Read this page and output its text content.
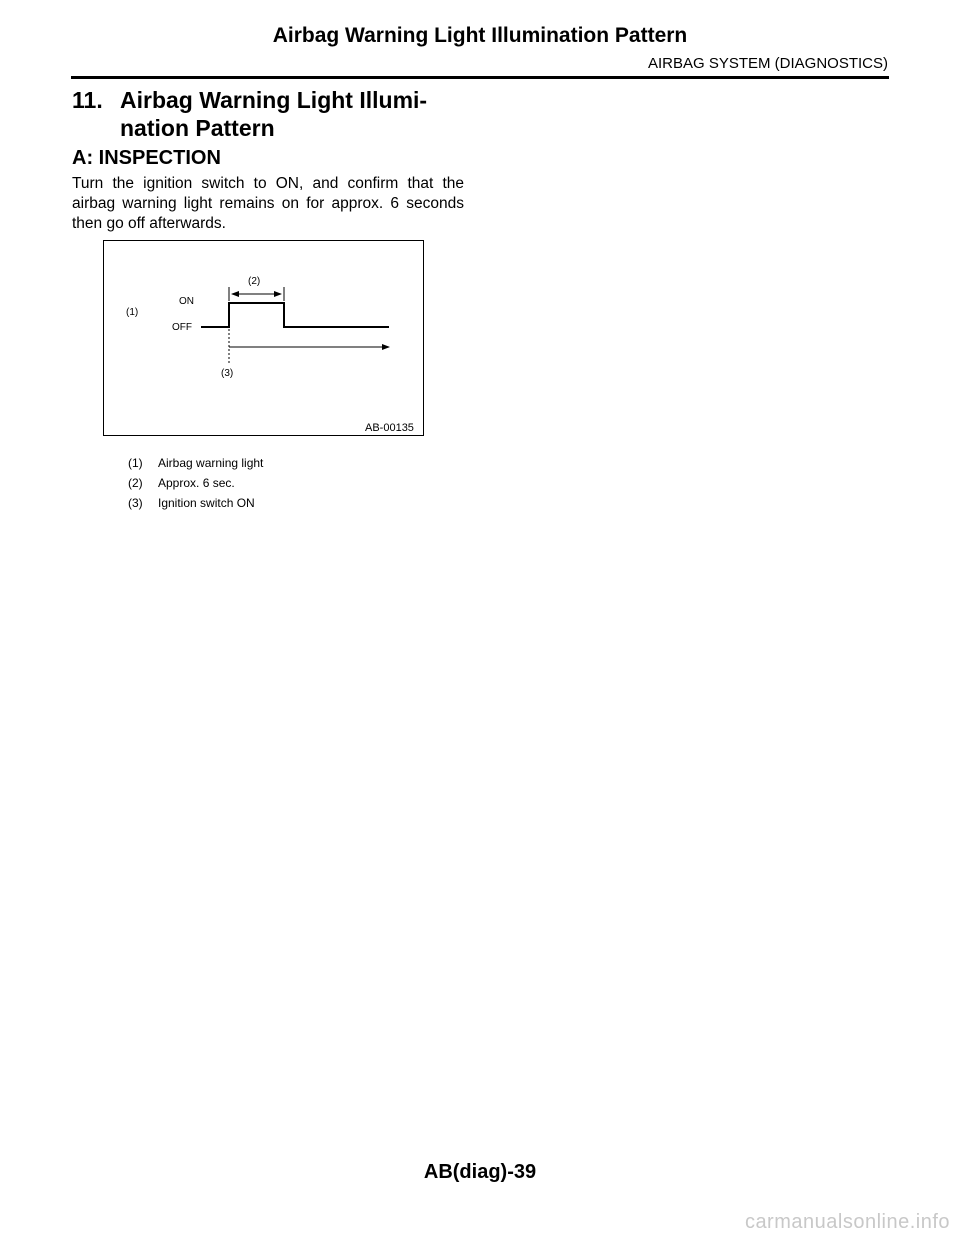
Airbag Warning Light Illumination Pattern
AIRBAG SYSTEM (DIAGNOSTICS)
11. Airbag Warning Light Illumi-
nation Pattern
A: INSPECTION

Turn the ignition switch to ON, and confirm that the airbag warning light remains on for approx. 6 seconds then go off afterwards.

(1)
ON
OFF
(2)
(3)
AB-00135
(1) Airbag warning light
(2) Approx. 6 sec.
(3) Ignition switch ON
AB(diag)-39
carmanualsonline.info
